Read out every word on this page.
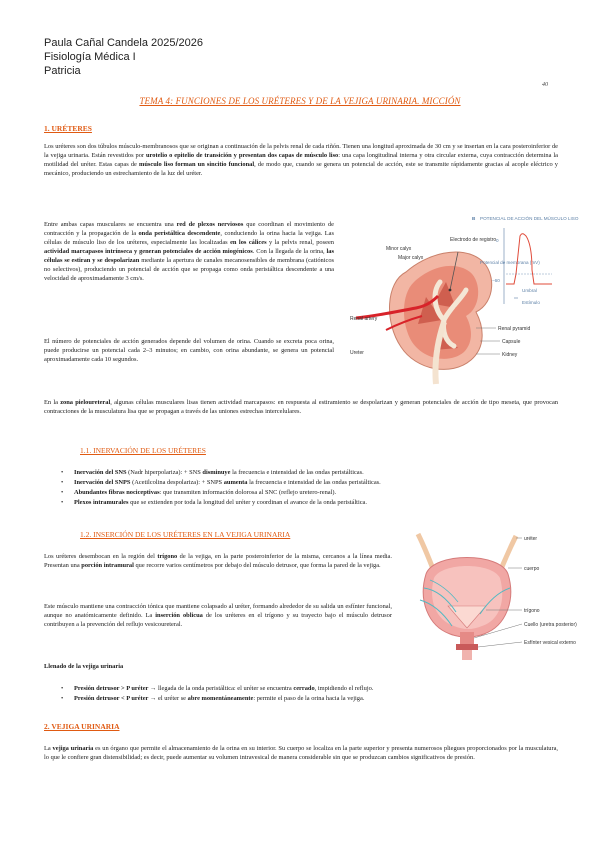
Paula Cañal Candela 2025/2026
Fisiología Médica I
Patricia
40
TEMA 4: FUNCIONES DE LOS URÉTERES Y DE LA VEJIGA URINARIA. MICCIÓN
1. URÉTERES
Los uréteres son dos túbulos músculo-membranosos que se originan a continuación de la pelvis renal de cada riñón. Tienen una longitud aproximada de 30 cm y se insertan en la cara posteroinferior de la vejiga urinaria. Están revestidos por urotelio o epitelio de transición y presentan dos capas de músculo liso: una capa longitudinal interna y otra circular externa, cuya contracción determina la motilidad del uréter. Estas capas de músculo liso forman un sincitio funcional, de modo que, cuando se genera un potencial de acción, este se transmite rápidamente gracias al acople eléctrico y mecánico, produciendo un estrechamiento de la luz del uréter.
Entre ambas capas musculares se encuentra una red de plexos nerviosos que coordinan el movimiento de contracción y la propagación de la onda peristáltica descendente, conduciendo la orina hacia la vejiga. Las células de músculo liso de los uréteres, especialmente las localizadas en los cálices y la pelvis renal, poseen actividad marcapasos intrínseca y generan potenciales de acción miogénicos. Con la llegada de la orina, las células se estiran y se despolarizan mediante la apertura de canales mecanosensibles de membrana (catiónicos no selectivos), produciendo un potencial de acción que se propaga como onda peristáltica descendente a una velocidad de aproximadamente 3 cm/s.
El número de potenciales de acción generados depende del volumen de orina. Cuando se excreta poca orina, puede producirse un potencial cada 2–3 minutos; en cambio, con orina abundante, se genera un potencial aproximadamente cada 10 segundos.
Minor calyx
Major calyx
Electrodo de registro
Renal artery
Ureter
Renal pyramid
Capsule
Kidney
B POTENCIAL DE ACCIÓN DEL MÚSCULO LISO
0
−60
Potencial de membrana (mV)
Umbral
Estímulo
En la zona pieloureteral, algunas células musculares lisas tienen actividad marcapasos: en respuesta al estiramiento se despolarizan y generan potenciales de acción de tipo meseta, que provocan contracciones de la musculatura lisa que se propagan a través de las uniones estrechas intercelulares.
1.1. INERVACIÓN DE LOS URÉTERES
• Inervación del SNS (Nadr hiperpolariza): + SNS disminuye la frecuencia e intensidad de las ondas peristálticas.
• Inervación del SNPS (Acetilcolina despolariza): + SNPS aumenta la frecuencia e intensidad de las ondas peristálticas.
• Abundantes fibras nociceptivas: que transmiten información dolorosa al SNC (reflejo uretero-renal).
• Plexos intramurales que se extienden por toda la longitud del uréter y coordinan el avance de la onda peristáltica.
1.2. INSERCIÓN DE LOS URÉTERES EN LA VEJIGA URINARIA
Los uréteres desembocan en la región del trígono de la vejiga, en la parte posteroinferior de la misma, cercanos a la línea media. Presentan una porción intramural que recorre varios centímetros por debajo del músculo detrusor, que forma la pared de la vejiga.
Este músculo mantiene una contracción tónica que mantiene colapsado al uréter, formando alrededor de su salida un esfínter funcional, aunque no anatómicamente definido. La inserción oblicua de los uréteres en el trígono y su trayecto bajo el músculo detrusor contribuyen a la prevención del reflujo vesicoureteral.
Llenado de la vejiga urinaria
• Presión detrusor > P uréter → llegada de la onda peristáltica: el uréter se encuentra cerrado, impidiendo el reflujo.
• Presión detrusor < P uréter → el uréter se abre momentáneamente: permite el paso de la orina hacia la vejiga.
uréter
cuerpo
trígono
Cuello (uretra posterior)
Esfínter vesical externo
2. VEJIGA URINARIA
La vejiga urinaria es un órgano que permite el almacenamiento de la orina en su interior. Su cuerpo se localiza en la parte superior y presenta numerosos pliegues proporcionados por la musculatura, lo que le confiere gran distensibilidad; es decir, puede aumentar su volumen intravesical de manera considerable sin que se produzcan cambios significativos de presión.
